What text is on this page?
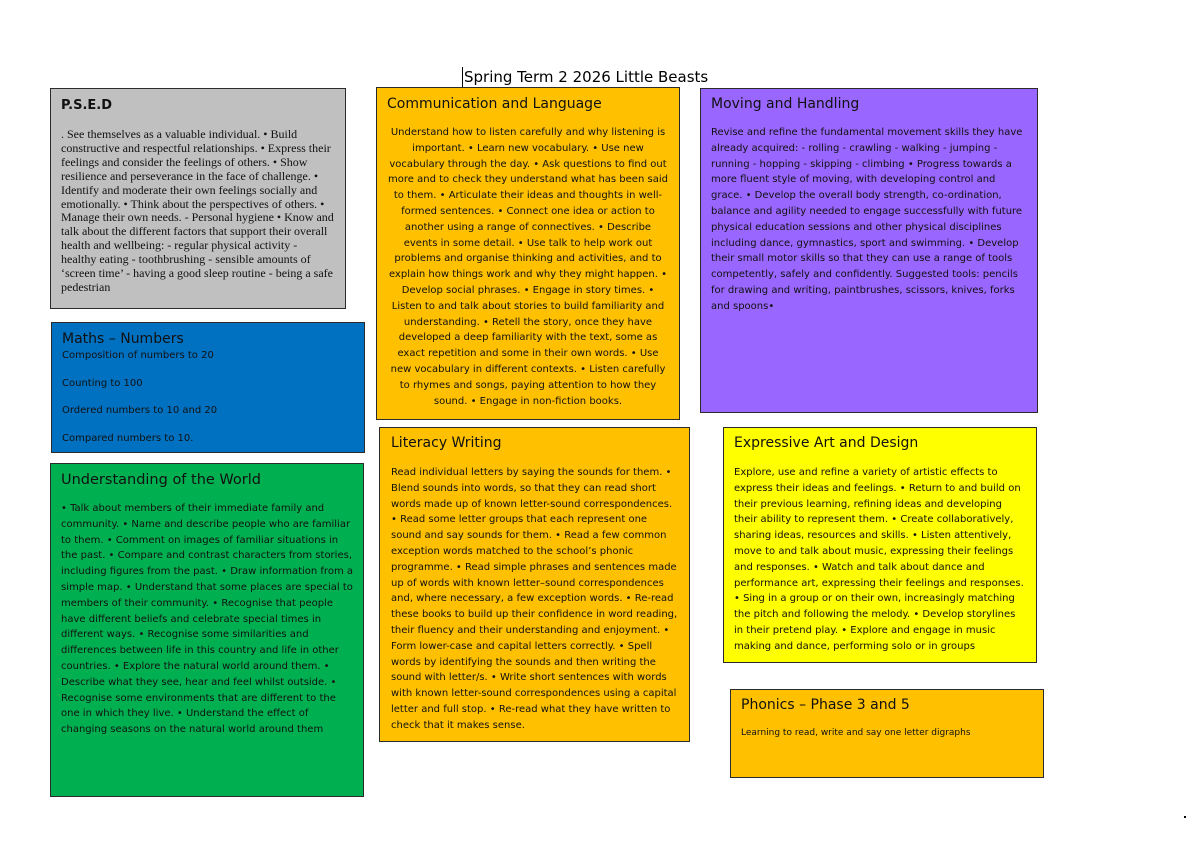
Spring Term 2 2026 Little Beasts
P.S.E.D
. See themselves as a valuable individual. • Build constructive and respectful relationships. • Express their feelings and consider the feelings of others. • Show resilience and perseverance in the face of challenge. • Identify and moderate their own feelings socially and emotionally. • Think about the perspectives of others. • Manage their own needs. - Personal hygiene • Know and talk about the different factors that support their overall health and wellbeing: - regular physical activity - healthy eating - toothbrushing - sensible amounts of ‘screen time’ - having a good sleep routine - being a safe pedestrian
Communication and Language

Understand how to listen carefully and why listening is important. • Learn new vocabulary. • Use new vocabulary through the day. • Ask questions to find out more and to check they understand what has been said to them. • Articulate their ideas and thoughts in well-formed sentences. • Connect one idea or action to another using a range of connectives. • Describe events in some detail. • Use talk to help work out problems and organise thinking and activities, and to explain how things work and why they might happen. • Develop social phrases. • Engage in story times. • Listen to and talk about stories to build familiarity and understanding. • Retell the story, once they have developed a deep familiarity with the text, some as exact repetition and some in their own words. • Use new vocabulary in different contexts. • Listen carefully to rhymes and songs, paying attention to how they sound. • Engage in non-fiction books.

Moving and Handling

Revise and refine the fundamental movement skills they have already acquired: - rolling - crawling - walking - jumping - running - hopping - skipping - climbing • Progress towards a more fluent style of moving, with developing control and grace. • Develop the overall body strength, co-ordination, balance and agility needed to engage successfully with future physical education sessions and other physical disciplines including dance, gymnastics, sport and swimming. • Develop their small motor skills so that they can use a range of tools competently, safely and confidently. Suggested tools: pencils for drawing and writing, paintbrushes, scissors, knives, forks and spoons•

Maths – Numbers

Composition of numbers to 20

Counting to 100

Ordered numbers to 10 and 20

Compared numbers to 10.

Understanding of the World

• Talk about members of their immediate family and community. • Name and describe people who are familiar to them. • Comment on images of familiar situations in the past. • Compare and contrast characters from stories, including figures from the past. • Draw information from a simple map. • Understand that some places are special to members of their community. • Recognise that people have different beliefs and celebrate special times in different ways. • Recognise some similarities and differences between life in this country and life in other countries. • Explore the natural world around them. • Describe what they see, hear and feel whilst outside. • Recognise some environments that are different to the one in which they live. • Understand the effect of changing seasons on the natural world around them

Literacy Writing

Read individual letters by saying the sounds for them. • Blend sounds into words, so that they can read short words made up of known letter-sound correspondences. • Read some letter groups that each represent one sound and say sounds for them. • Read a few common exception words matched to the school’s phonic programme. • Read simple phrases and sentences made up of words with known letter–sound correspondences and, where necessary, a few exception words. • Re-read these books to build up their confidence in word reading, their fluency and their understanding and enjoyment. • Form lower-case and capital letters correctly. • Spell words by identifying the sounds and then writing the sound with letter/s. • Write short sentences with words with known letter-sound correspondences using a capital letter and full stop. • Re-read what they have written to check that it makes sense.

Expressive Art and Design

Explore, use and refine a variety of artistic effects to express their ideas and feelings. • Return to and build on their previous learning, refining ideas and developing their ability to represent them. • Create collaboratively, sharing ideas, resources and skills. • Listen attentively, move to and talk about music, expressing their feelings and responses. • Watch and talk about dance and performance art, expressing their feelings and responses. • Sing in a group or on their own, increasingly matching the pitch and following the melody. • Develop storylines in their pretend play. • Explore and engage in music making and dance, performing solo or in groups

Phonics – Phase 3 and 5

Learning to read, write and say one letter digraphs
